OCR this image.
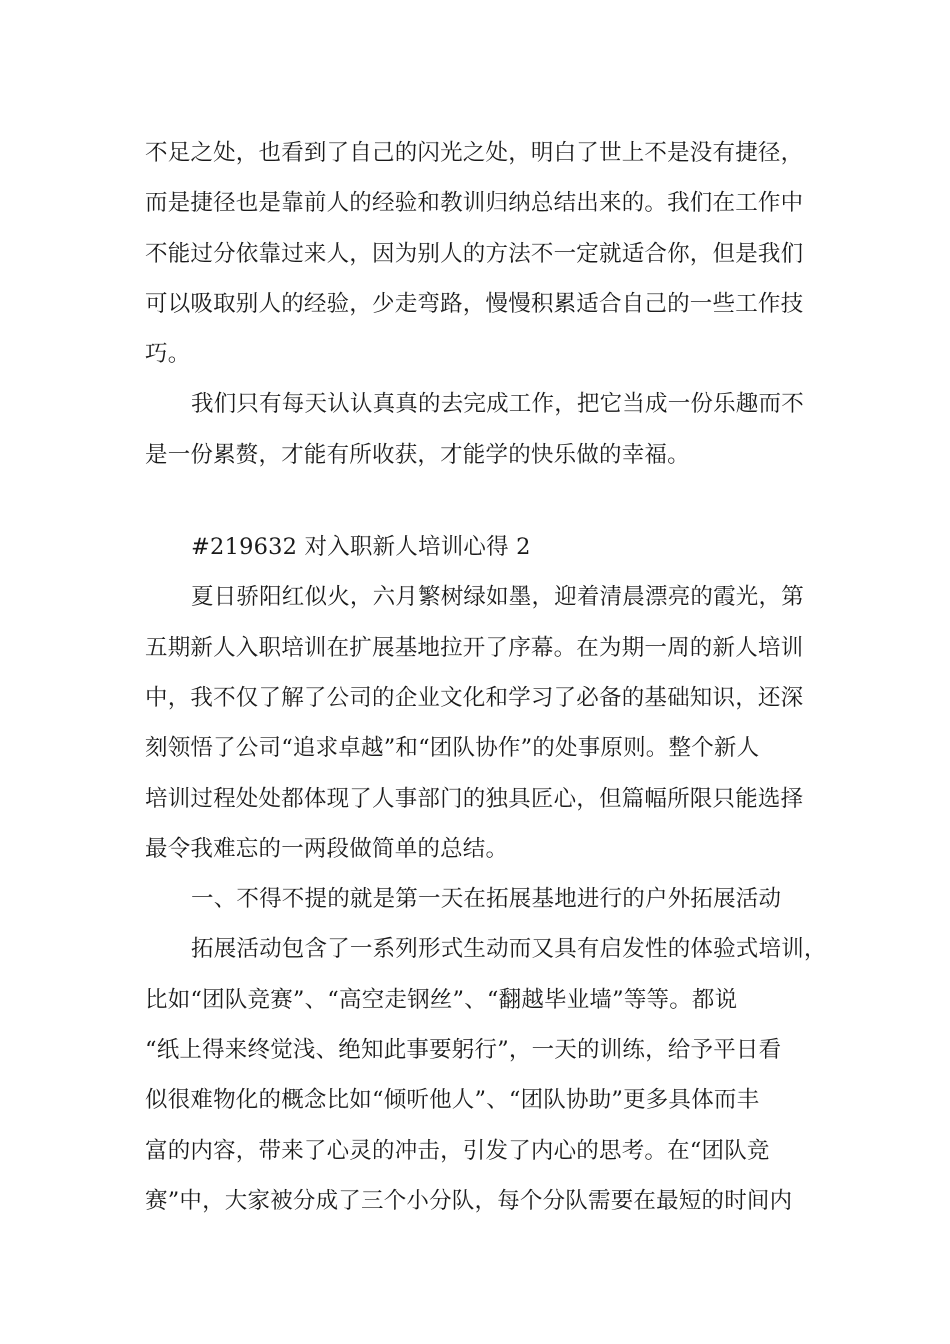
不足之处，也看到了自己的闪光之处，明白了世上不是没有捷径，
而是捷径也是靠前人的经验和教训归纳总结出来的。我们在工作中
不能过分依靠过来人，因为别人的方法不一定就适合你，但是我们
可以吸取别人的经验，少走弯路，慢慢积累适合自己的一些工作技
巧。
我们只有每天认认真真的去完成工作，把它当成一份乐趣而不
是一份累赘，才能有所收获，才能学的快乐做的幸福。
#219632 对入职新人培训心得 2
夏日骄阳红似火，六月繁树绿如墨，迎着清晨漂亮的霞光，第
五期新人入职培训在扩展基地拉开了序幕。在为期一周的新人培训
中，我不仅了解了公司的企业文化和学习了必备的基础知识，还深
刻领悟了公司“追求卓越”和“团队协作”的处事原则。整个新人
培训过程处处都体现了人事部门的独具匠心，但篇幅所限只能选择
最令我难忘的一两段做简单的总结。
一、不得不提的就是第一天在拓展基地进行的户外拓展活动
拓展活动包含了一系列形式生动而又具有启发性的体验式培训，
比如“团队竞赛”、“高空走钢丝”、“翻越毕业墙”等等。都说
“纸上得来终觉浅、绝知此事要躬行”，一天的训练，给予平日看
似很难物化的概念比如“倾听他人”、“团队协助”更多具体而丰
富的内容，带来了心灵的冲击，引发了内心的思考。在“团队竞
赛”中，大家被分成了三个小分队，每个分队需要在最短的时间内
